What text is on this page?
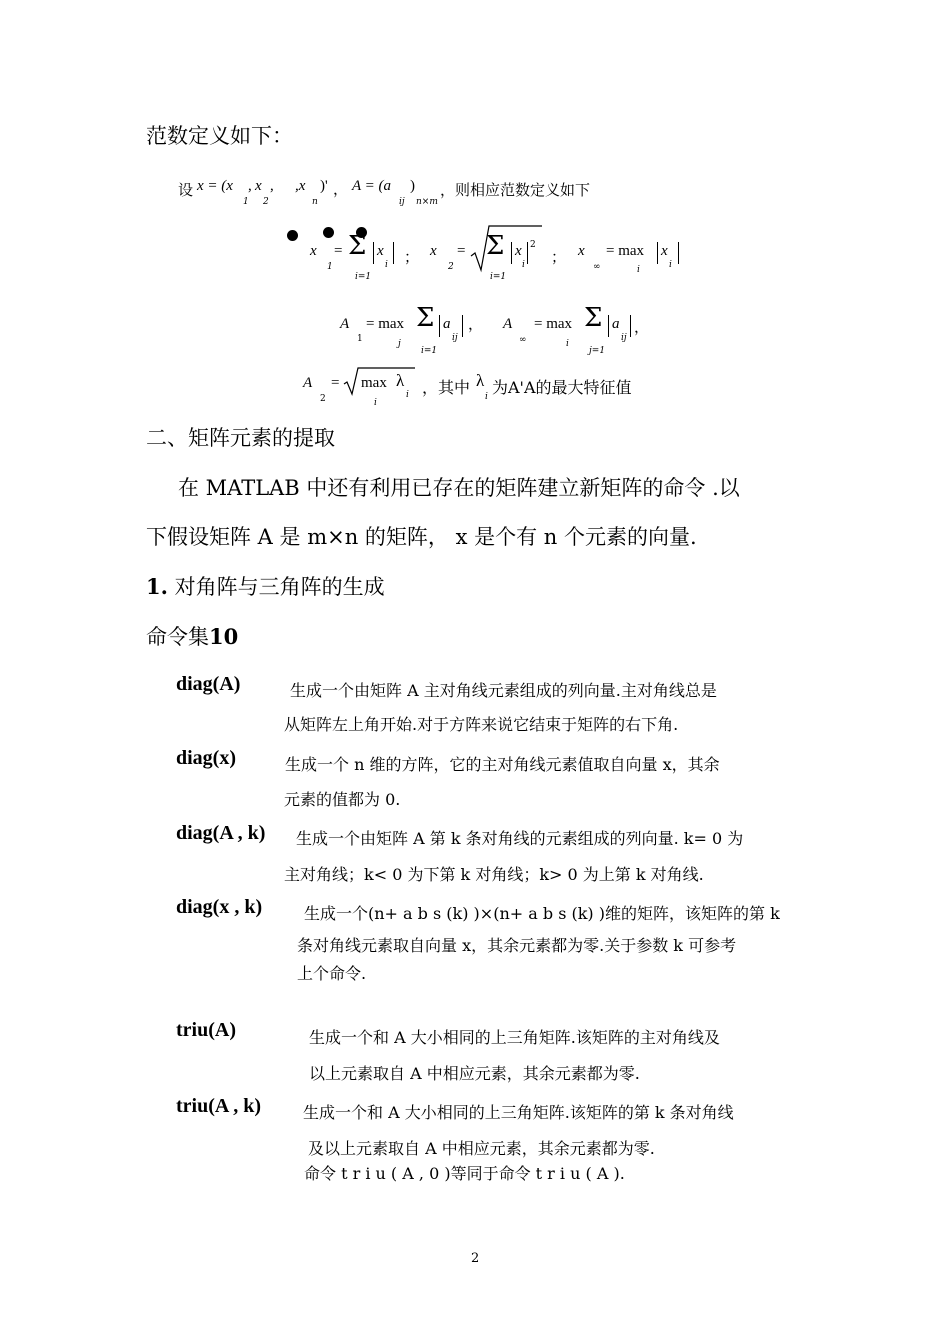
范数定义如下：
设 x = (x
1
, x
2
, ,x
n
)' ， A = (a
ij
)
n×m
，则相应范数定义如下
x
1
= Σ x
i
i=1
； x
2
= Σ x
i
2
i=1
； x
∞
= max
i
x
i
A
1
= max
j
Σ a
ij
i=1
， A
∞
= max
i
Σ a
ij
j=1
，
A
2
= max
i
λ
i ，其中 λ
i 为A'A的最大特征值
二、矩阵元素的提取
在 MATLAB 中还有利用已存在的矩阵建立新矩阵的命令 .以
下假设矩阵 A 是 m×n 的矩阵， x 是个有 n 个元素的向量.
1. 对角阵与三角阵的生成
命令集10
diag(A)	生成一个由矩阵 A 主对角线元素组成的列向量.主对角线总是
从矩阵左上角开始.对于方阵来说它结束于矩阵的右下角.
diag(x)	生成一个 n 维的方阵，它的主对角线元素值取自向量 x，其余
元素的值都为 0.
diag(A , k) 生成一个由矩阵 A 第 k 条对角线的元素组成的列向量. k= 0 为
主对角线；k< 0 为下第 k 对角线；k> 0 为上第 k 对角线.
diag(x , k)	生成一个(n+ a b s (k) )×(n+ a b s (k) )维的矩阵，该矩阵的第 k
条对角线元素取自向量 x，其余元素都为零.关于参数 k 可参考
上个命令.
triu(A)	生成一个和 A 大小相同的上三角矩阵.该矩阵的主对角线及
以上元素取自 A 中相应元素，其余元素都为零.
triu(A , k)	生成一个和 A 大小相同的上三角矩阵.该矩阵的第 k 条对角线
及以上元素取自 A 中相应元素，其余元素都为零.
命令 t r i u ( A , 0 )等同于命令 t r i u ( A ).
2
